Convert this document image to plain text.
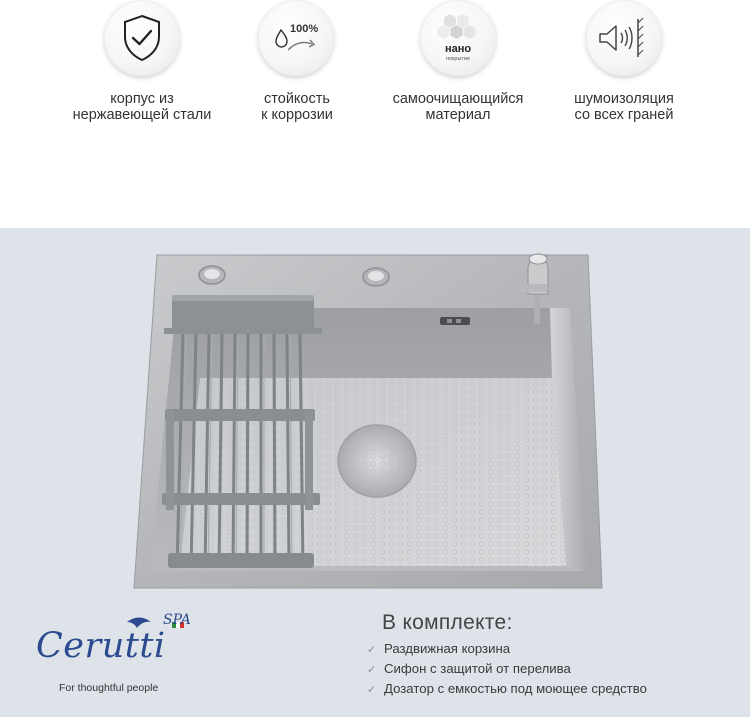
корпус из
нержавеющей стали
100%
стойкость
к коррозии
нано
покрытие
самоочищающийся
материал
шумоизоляция
со всех граней
SPA
Cerutti
For thoughtful people
В комплекте:
✓ Раздвижная корзина
✓ Сифон с защитой от перелива
✓ Дозатор с емкостью под моющее средство
